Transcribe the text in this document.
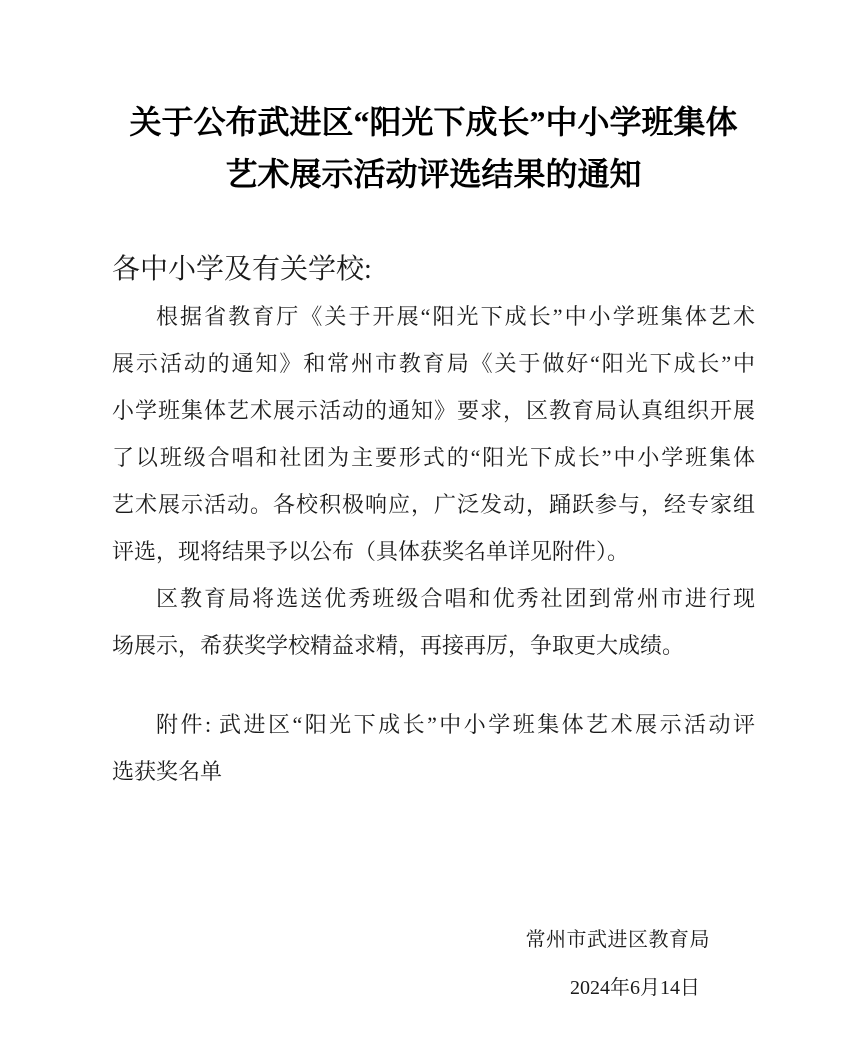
关于公布武进区“阳光下成长”中小学班集体
艺术展示活动评选结果的通知
各中小学及有关学校:
根据省教育厅《关于开展“阳光下成长”中小学班集体艺术
展示活动的通知》和常州市教育局《关于做好“阳光下成长”中
小学班集体艺术展示活动的通知》要求，区教育局认真组织开展
了以班级合唱和社团为主要形式的“阳光下成长”中小学班集体
艺术展示活动。各校积极响应，广泛发动，踊跃参与，经专家组
评选，现将结果予以公布（具体获奖名单详见附件）。
区教育局将选送优秀班级合唱和优秀社团到常州市进行现
场展示，希获奖学校精益求精，再接再厉，争取更大成绩。
附件: 武进区“阳光下成长”中小学班集体艺术展示活动评
选获奖名单
常州市武进区教育局
2024年6月14日
